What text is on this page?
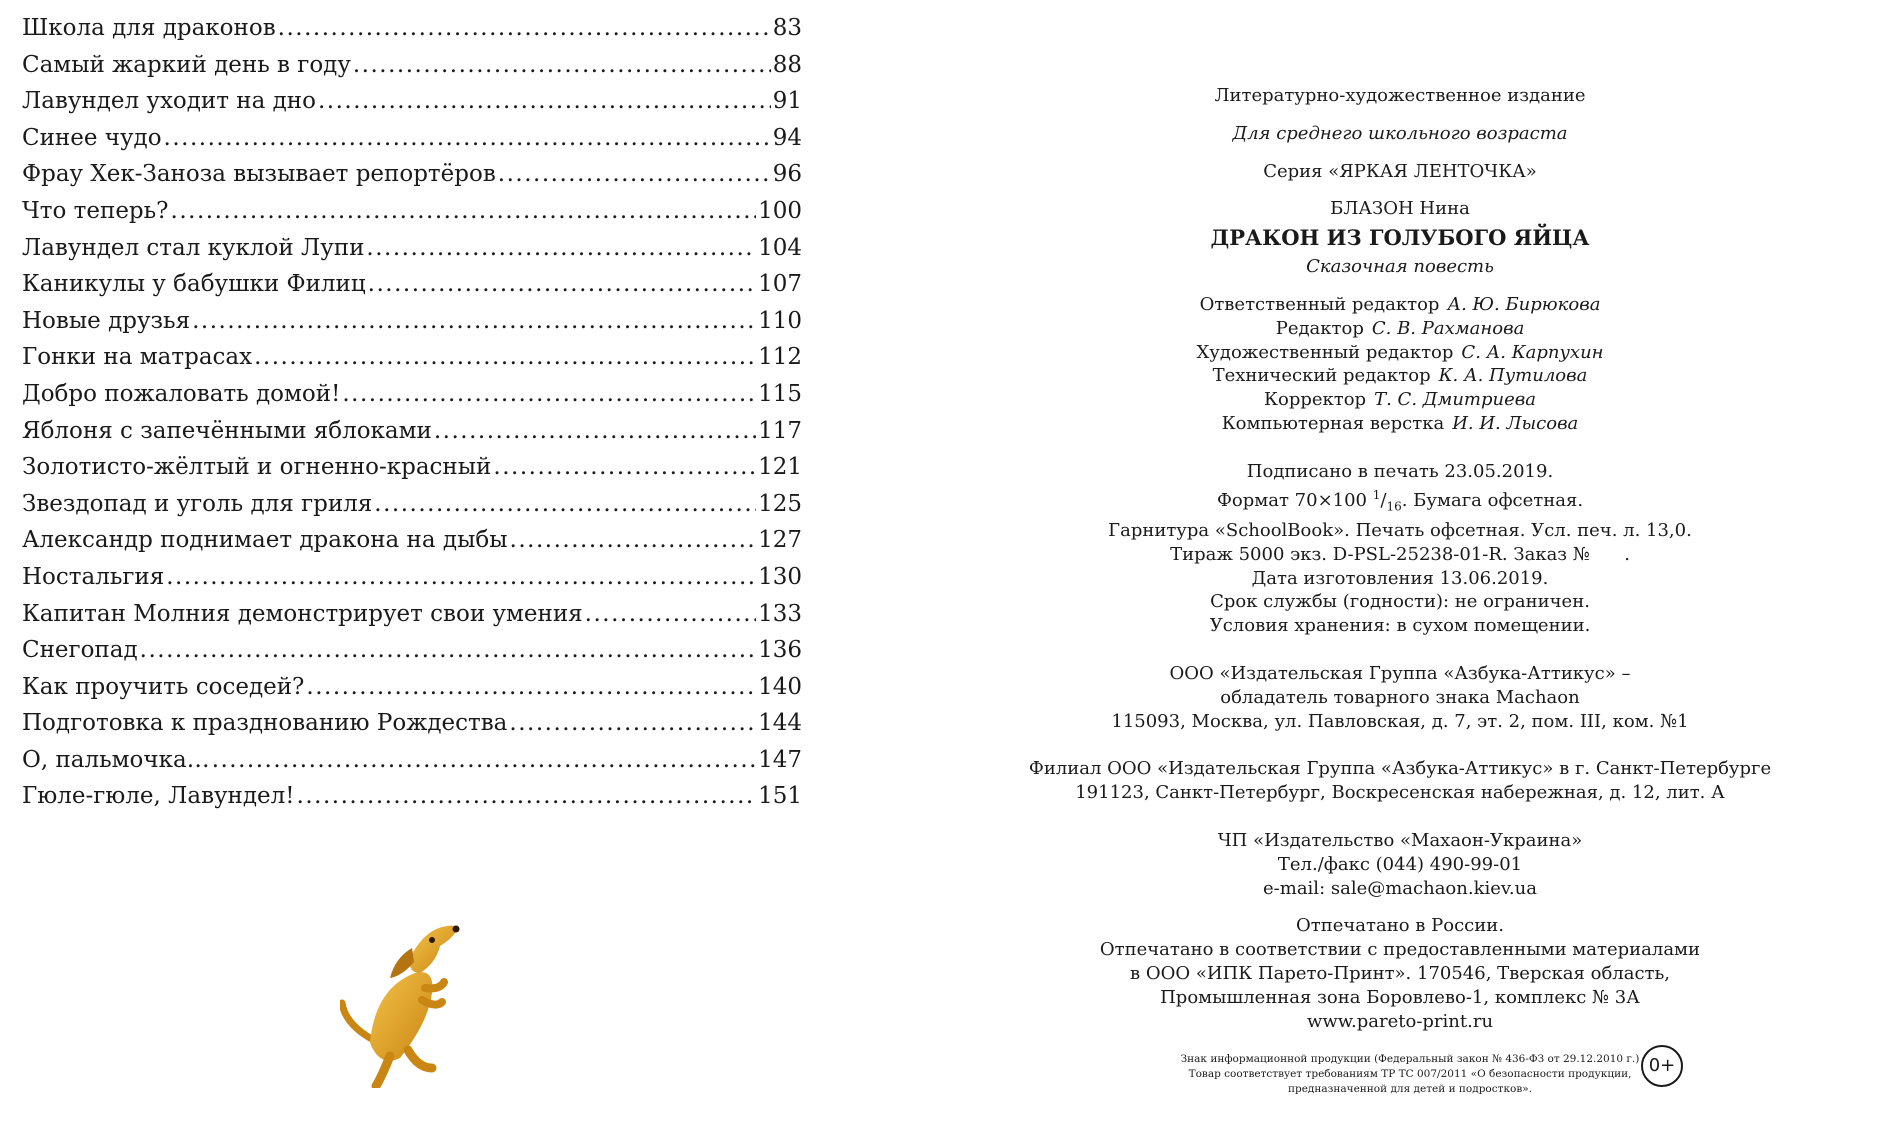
Школа для драконов .....	83
Самый жаркий день в году .....	88
Лавундел уходит на дно .....	91
Синее чудо .....	94
Фрау Хек-Заноза вызывает репортёров .....	96
Что теперь? .....	100
Лавундел стал куклой Лупи .....	104
Каникулы у бабушки Филиц .....	107
Новые друзья .....	110
Гонки на матрасах .....	112
Добро пожаловать домой! .....	115
Яблоня с запечёнными яблоками .....	117
Золотисто-жёлтый и огненно-красный .....	121
Звездопад и уголь для гриля .....	125
Александр поднимает дракона на дыбы .....	127
Ностальгия .....	130
Капитан Молния демонстрирует свои умения .....	133
Снегопад .....	136
Как проучить соседей? .....	140
Подготовка к празднованию Рождества .....	144
О, пальмочка… .....	147
Гюле-гюле, Лавундел! .....	151

Литературно-художественное издание

Для среднего школьного возраста

Серия «ЯРКАЯ ЛЕНТОЧКА»

БЛАЗОН Нина

ДРАКОН ИЗ ГОЛУБОГО ЯЙЦА

Сказочная повесть

Ответственный редактор А. Ю. Бирюкова

Редактор С. В. Рахманова

Художественный редактор С. А. Карпухин

Технический редактор К. А. Путилова

Корректор Т. С. Дмитриева

Компьютерная верстка И. И. Лысова

Подписано в печать 23.05.2019.

Формат 70×100 $^1/_{16}$. Бумага офсетная.

Гарнитура «SchoolBook». Печать офсетная. Усл. печ. л. 13,0.

Тираж 5000 экз. D-PSL-25238-01-R. Заказ №      .

Дата изготовления 13.06.2019.

Срок службы (годности): не ограничен.

Условия хранения: в сухом помещении.

ООО «Издательская Группа «Азбука-Аттикус» –

обладатель товарного знака Machaon

115093, Москва, ул. Павловская, д. 7, эт. 2, пом. III, ком. №1

Филиал ООО «Издательская Группа «Азбука-Аттикус» в г. Санкт-Петербурге

191123, Санкт-Петербург, Воскресенская набережная, д. 12, лит. А

ЧП «Издательство «Махаон-Украина»

Тел./факс (044) 490-99-01

e-mail: sale@machaon.kiev.ua

Отпечатано в России.

Отпечатано в соответствии с предоставленными материалами

в ООО «ИПК Парето-Принт». 170546, Тверская область,

Промышленная зона Боровлево-1, комплекс № 3А

www.pareto-print.ru

Знак информационной продукции (Федеральный закон № 436-ФЗ от 29.12.2010 г.)

Товар соответствует требованиям ТР ТС 007/2011 «О безопасности продукции,

предназначенной для детей и подростков».

0+
